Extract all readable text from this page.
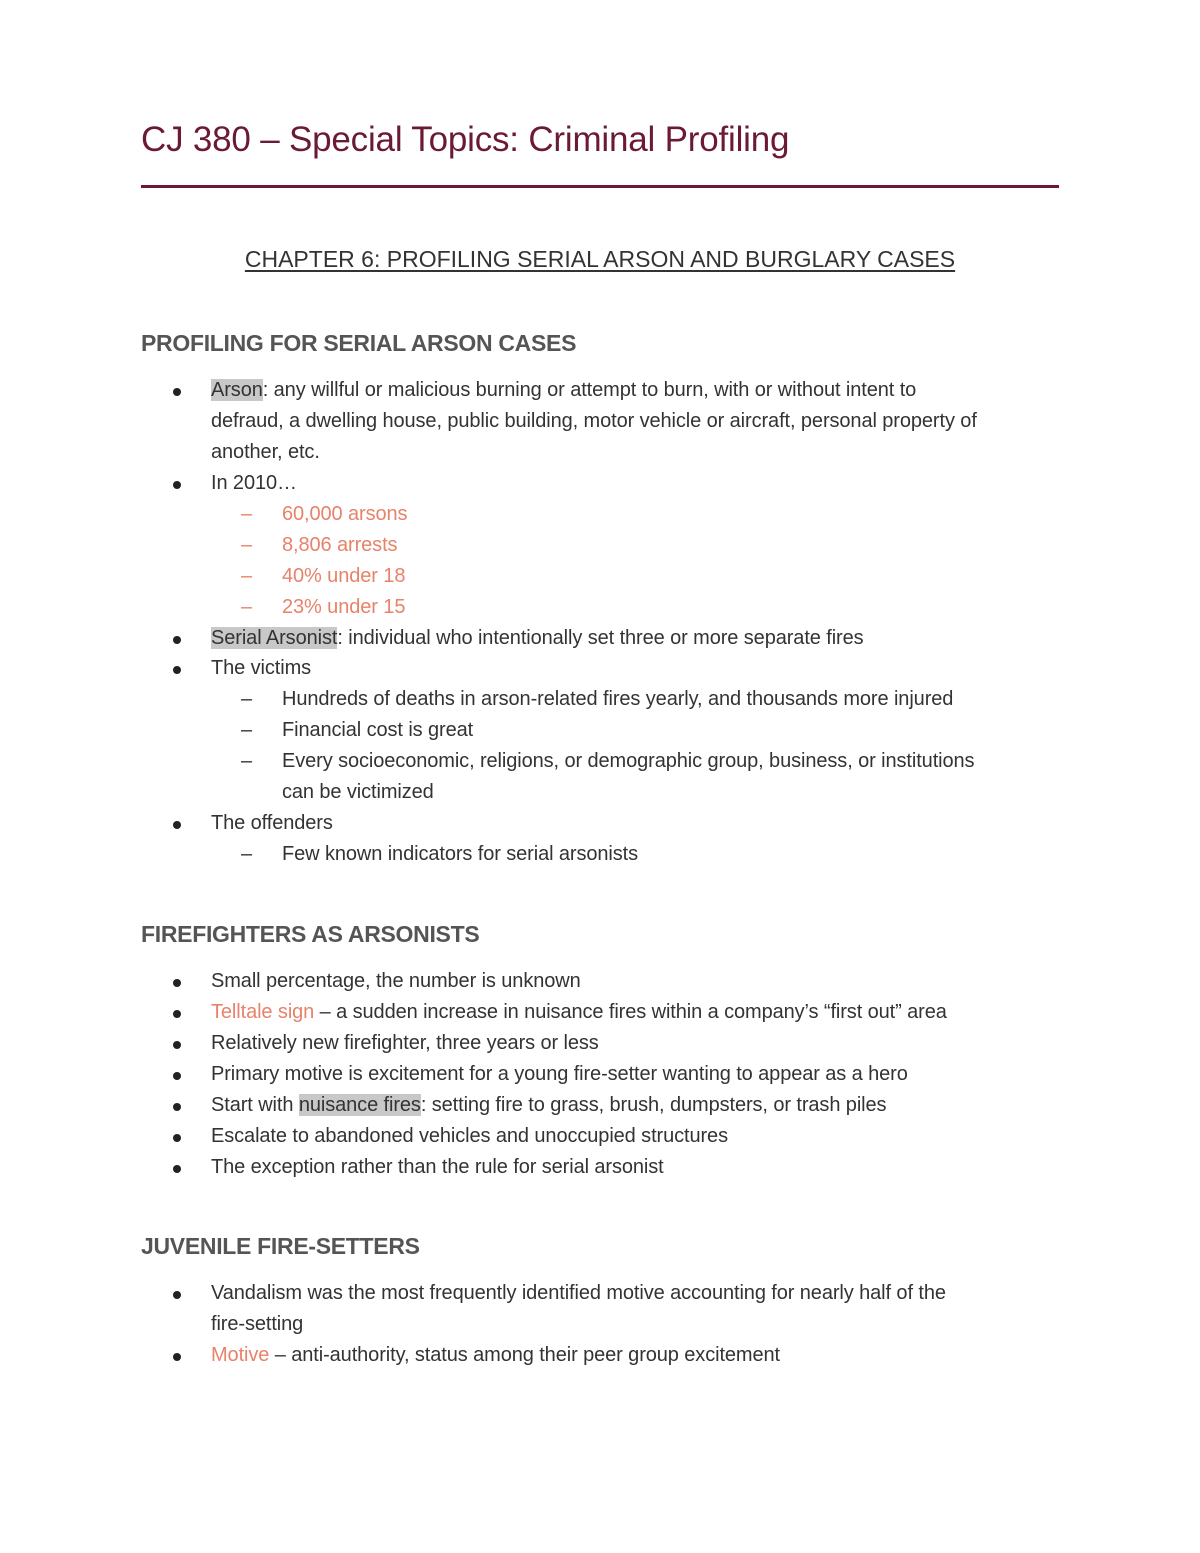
CJ 380 – Special Topics: Criminal Profiling
CHAPTER 6: PROFILING SERIAL ARSON AND BURGLARY CASES
PROFILING FOR SERIAL ARSON CASES
Arson: any willful or malicious burning or attempt to burn, with or without intent to
defraud, a dwelling house, public building, motor vehicle or aircraft, personal property of
another, etc.
In 2010…
– 60,000 arsons
– 8,806 arrests
– 40% under 18
– 23% under 15
Serial Arsonist: individual who intentionally set three or more separate fires
The victims
– Hundreds of deaths in arson-related fires yearly, and thousands more injured
– Financial cost is great
– Every socioeconomic, religions, or demographic group, business, or institutions
can be victimized
The offenders
– Few known indicators for serial arsonists
FIREFIGHTERS AS ARSONISTS
Small percentage, the number is unknown
Telltale sign – a sudden increase in nuisance fires within a company’s “first out” area
Relatively new firefighter, three years or less
Primary motive is excitement for a young fire-setter wanting to appear as a hero
Start with nuisance fires: setting fire to grass, brush, dumpsters, or trash piles
Escalate to abandoned vehicles and unoccupied structures
The exception rather than the rule for serial arsonist
JUVENILE FIRE-SETTERS
Vandalism was the most frequently identified motive accounting for nearly half of the
fire-setting
Motive – anti-authority, status among their peer group excitement
